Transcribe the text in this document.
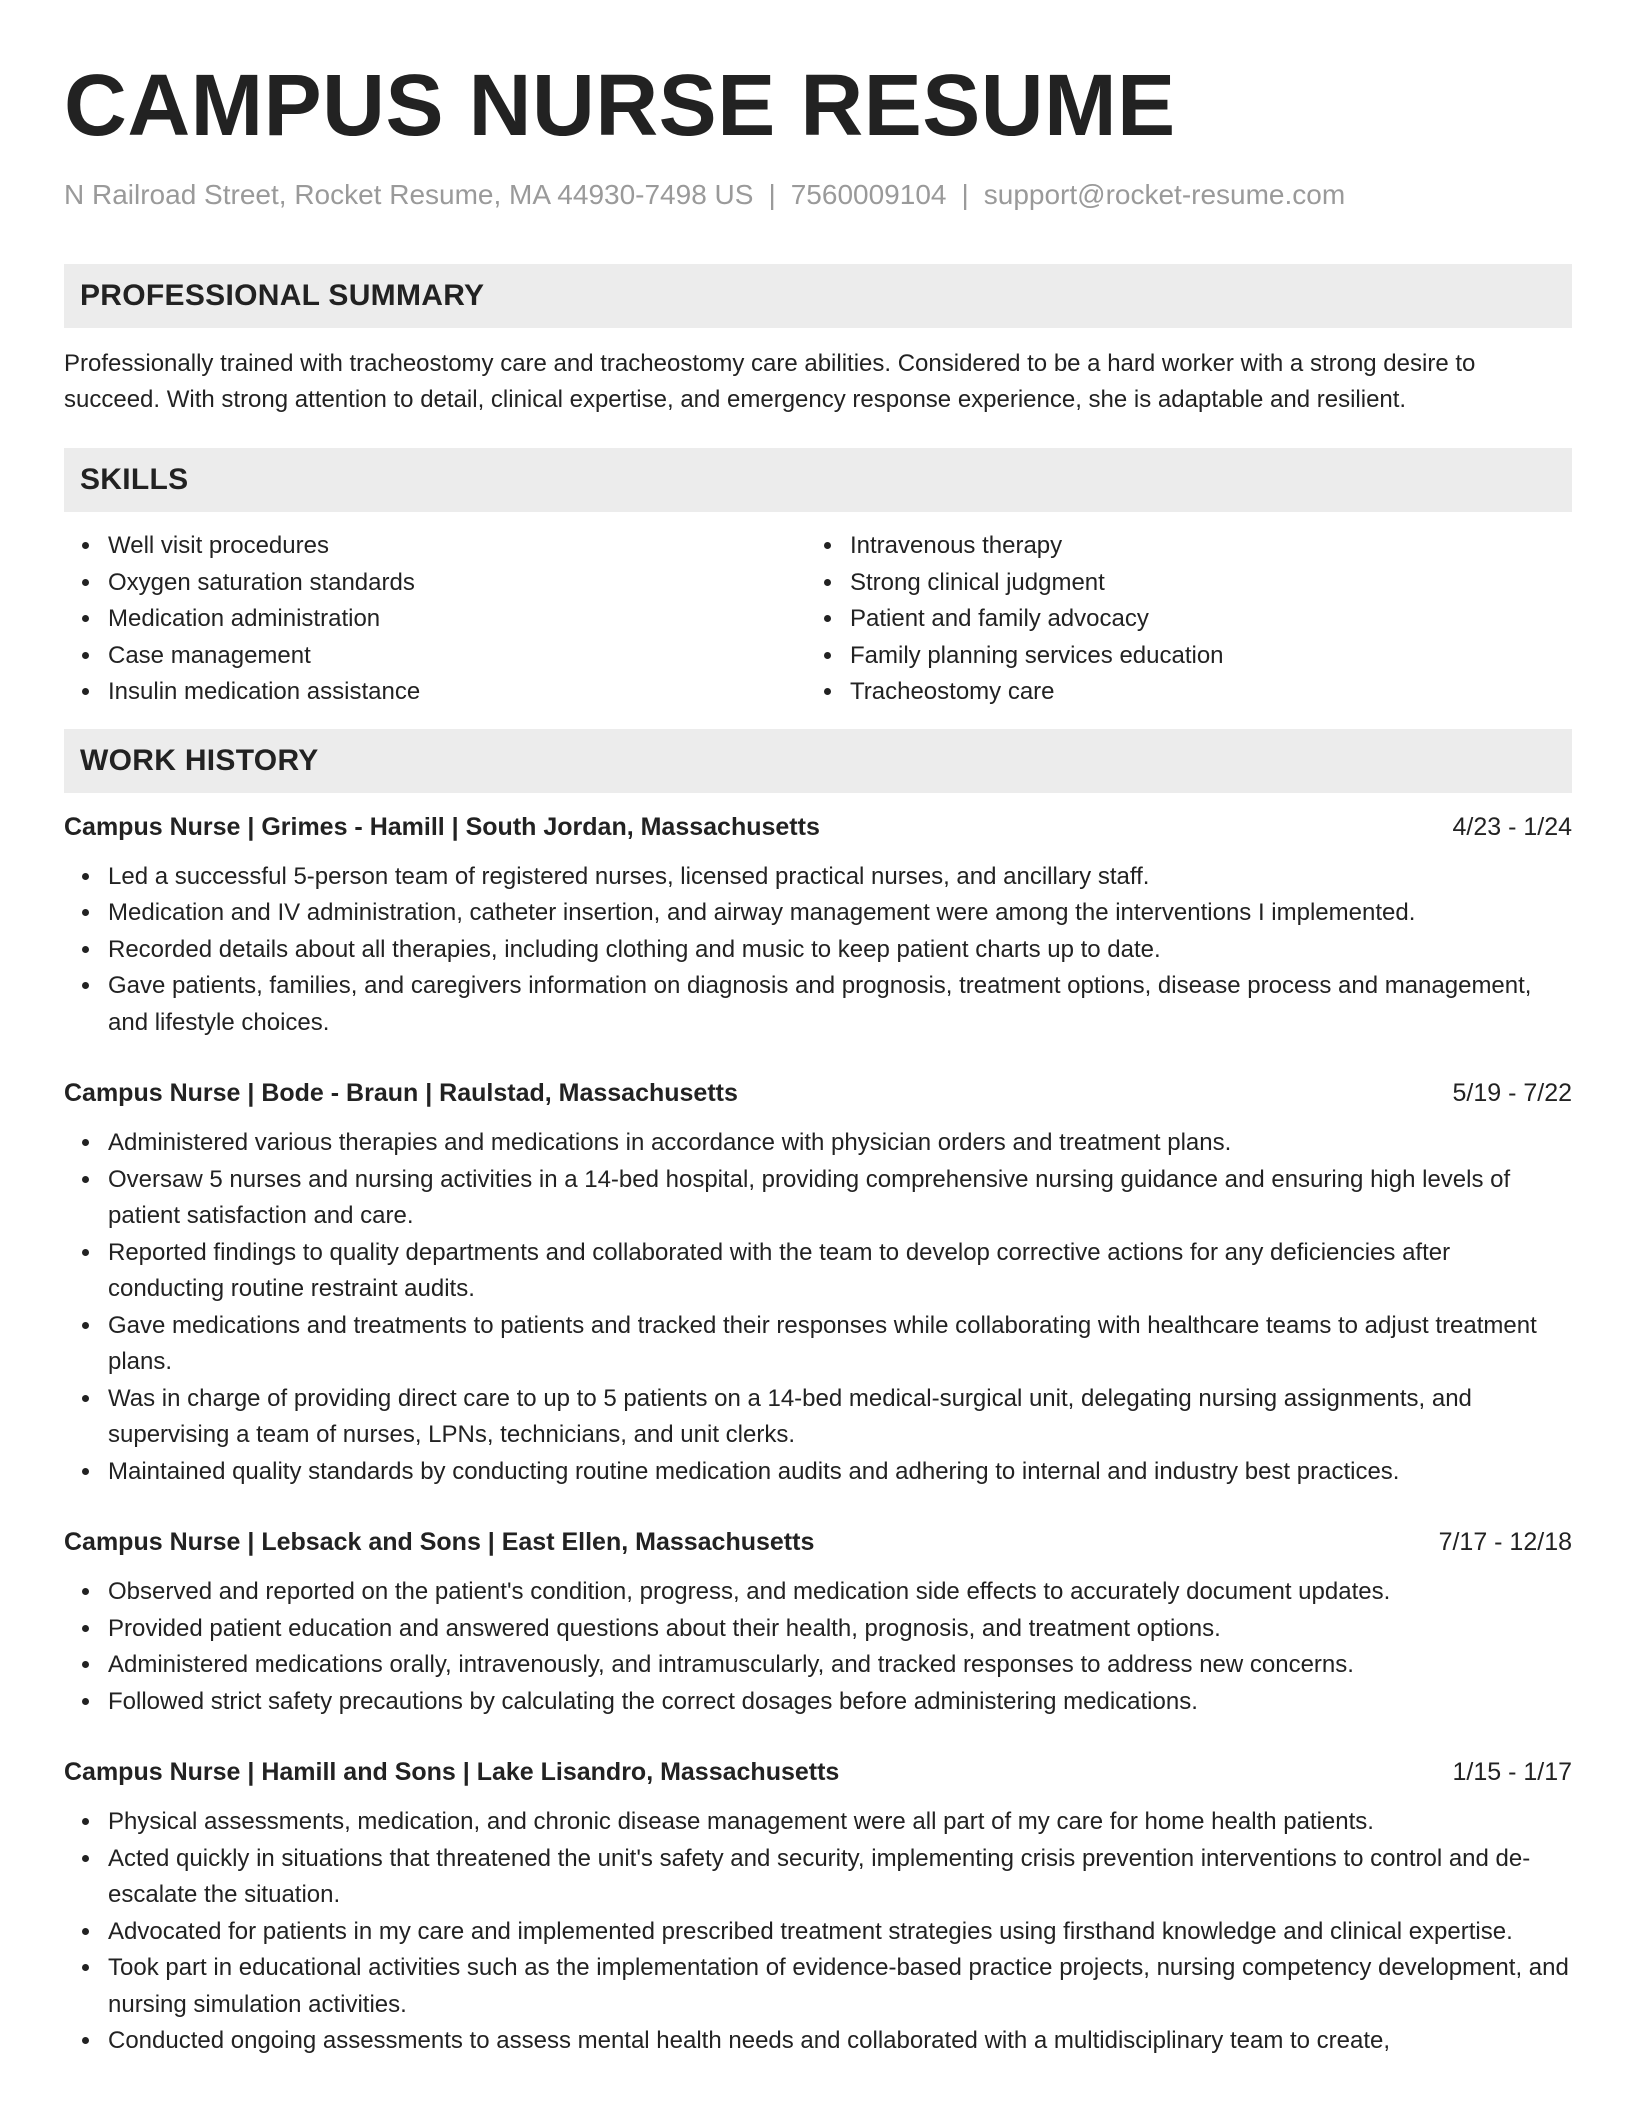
CAMPUS NURSE RESUME
N Railroad Street, Rocket Resume, MA 44930-7498 US | 7560009104 | support@rocket-resume.com
PROFESSIONAL SUMMARY

Professionally trained with tracheostomy care and tracheostomy care abilities. Considered to be a hard worker with a strong desire to succeed. With strong attention to detail, clinical expertise, and emergency response experience, she is adaptable and resilient.

SKILLS
Well visit procedures
Oxygen saturation standards
Medication administration
Case management
Insulin medication assistance
Intravenous therapy
Strong clinical judgment
Patient and family advocacy
Family planning services education
Tracheostomy care
WORK HISTORY
Campus Nurse | Grimes - Hamill | South Jordan, Massachusetts	4/23 - 1/24
Led a successful 5-person team of registered nurses, licensed practical nurses, and ancillary staff.
Medication and IV administration, catheter insertion, and airway management were among the interventions I implemented.
Recorded details about all therapies, including clothing and music to keep patient charts up to date.
Gave patients, families, and caregivers information on diagnosis and prognosis, treatment options, disease process and management, and lifestyle choices.
Campus Nurse | Bode - Braun | Raulstad, Massachusetts	5/19 - 7/22
Administered various therapies and medications in accordance with physician orders and treatment plans.
Oversaw 5 nurses and nursing activities in a 14-bed hospital, providing comprehensive nursing guidance and ensuring high levels of patient satisfaction and care.
Reported findings to quality departments and collaborated with the team to develop corrective actions for any deficiencies after conducting routine restraint audits.
Gave medications and treatments to patients and tracked their responses while collaborating with healthcare teams to adjust treatment plans.
Was in charge of providing direct care to up to 5 patients on a 14-bed medical-surgical unit, delegating nursing assignments, and supervising a team of nurses, LPNs, technicians, and unit clerks.
Maintained quality standards by conducting routine medication audits and adhering to internal and industry best practices.
Campus Nurse | Lebsack and Sons | East Ellen, Massachusetts	7/17 - 12/18
Observed and reported on the patient's condition, progress, and medication side effects to accurately document updates.
Provided patient education and answered questions about their health, prognosis, and treatment options.
Administered medications orally, intravenously, and intramuscularly, and tracked responses to address new concerns.
Followed strict safety precautions by calculating the correct dosages before administering medications.
Campus Nurse | Hamill and Sons | Lake Lisandro, Massachusetts	1/15 - 1/17
Physical assessments, medication, and chronic disease management were all part of my care for home health patients.
Acted quickly in situations that threatened the unit's safety and security, implementing crisis prevention interventions to control and de-escalate the situation.
Advocated for patients in my care and implemented prescribed treatment strategies using firsthand knowledge and clinical expertise.
Took part in educational activities such as the implementation of evidence-based practice projects, nursing competency development, and nursing simulation activities.
Conducted ongoing assessments to assess mental health needs and collaborated with a multidisciplinary team to create,
